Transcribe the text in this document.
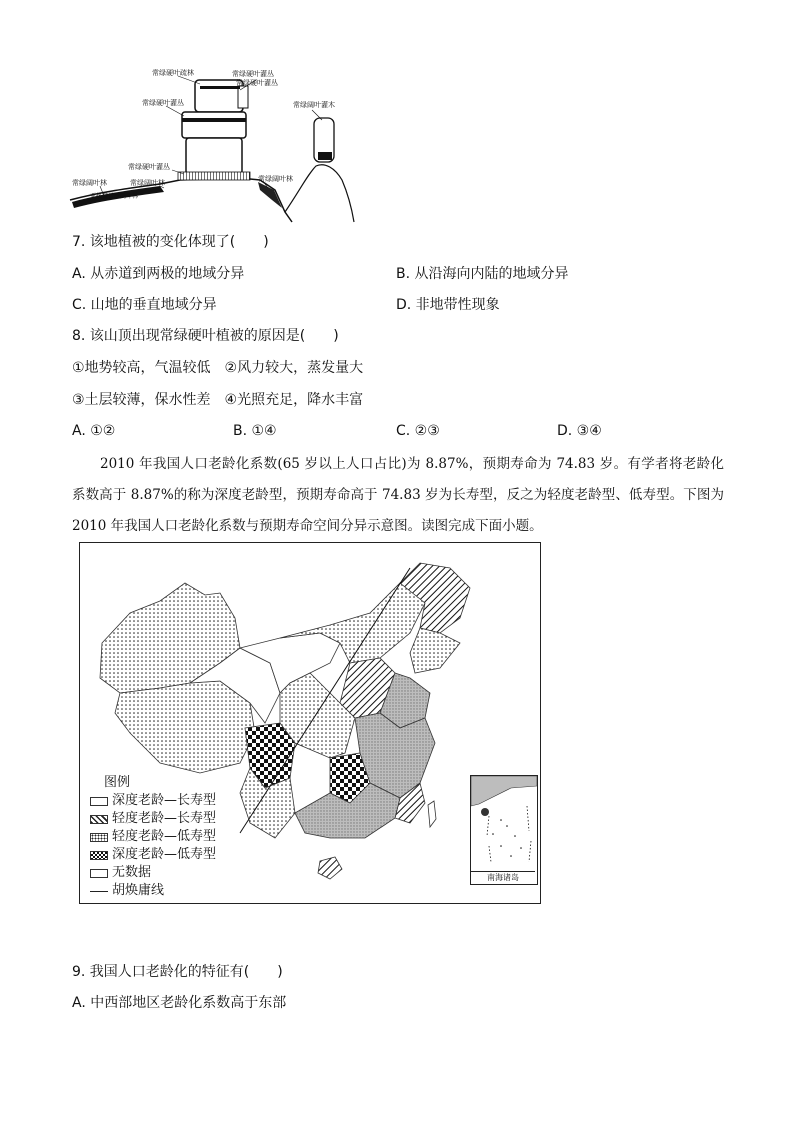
常绿硬叶疏林	常绿硬叶灌丛
常绿硬叶灌丛
常绿硬叶灌丛	常绿阔叶灌木
常绿硬叶灌丛
常绿阔叶林	常绿阔叶林	常绿阔叶林
亚热带常绿阔叶林
7. 该地植被的变化体现了(　　)
A. 从赤道到两极的地域分异	B. 从沿海向内陆的地域分异
C. 山地的垂直地域分异	D. 非地带性现象
8. 该山顶出现常绿硬叶植被的原因是(　　)
①地势较高，气温较低　②风力较大，蒸发量大
③土层较薄，保水性差　④光照充足，降水丰富
A. ①②	B. ①④	C. ②③	D. ③④
2010 年我国人口老龄化系数(65 岁以上人口占比)为 8.87%，预期寿命为 74.83 岁。有学者将老龄化系数高于 8.87%的称为深度老龄型，预期寿命高于 74.83 岁为长寿型，反之为轻度老龄型、低寿型。下图为 2010 年我国人口老龄化系数与预期寿命空间分异示意图。读图完成下面小题。
图例
深度老龄—长寿型
轻度老龄—长寿型
轻度老龄—低寿型
深度老龄—低寿型
无数据
胡焕庸线
南海诸岛
9. 我国人口老龄化的特征有(　　)
A. 中西部地区老龄化系数高于东部
